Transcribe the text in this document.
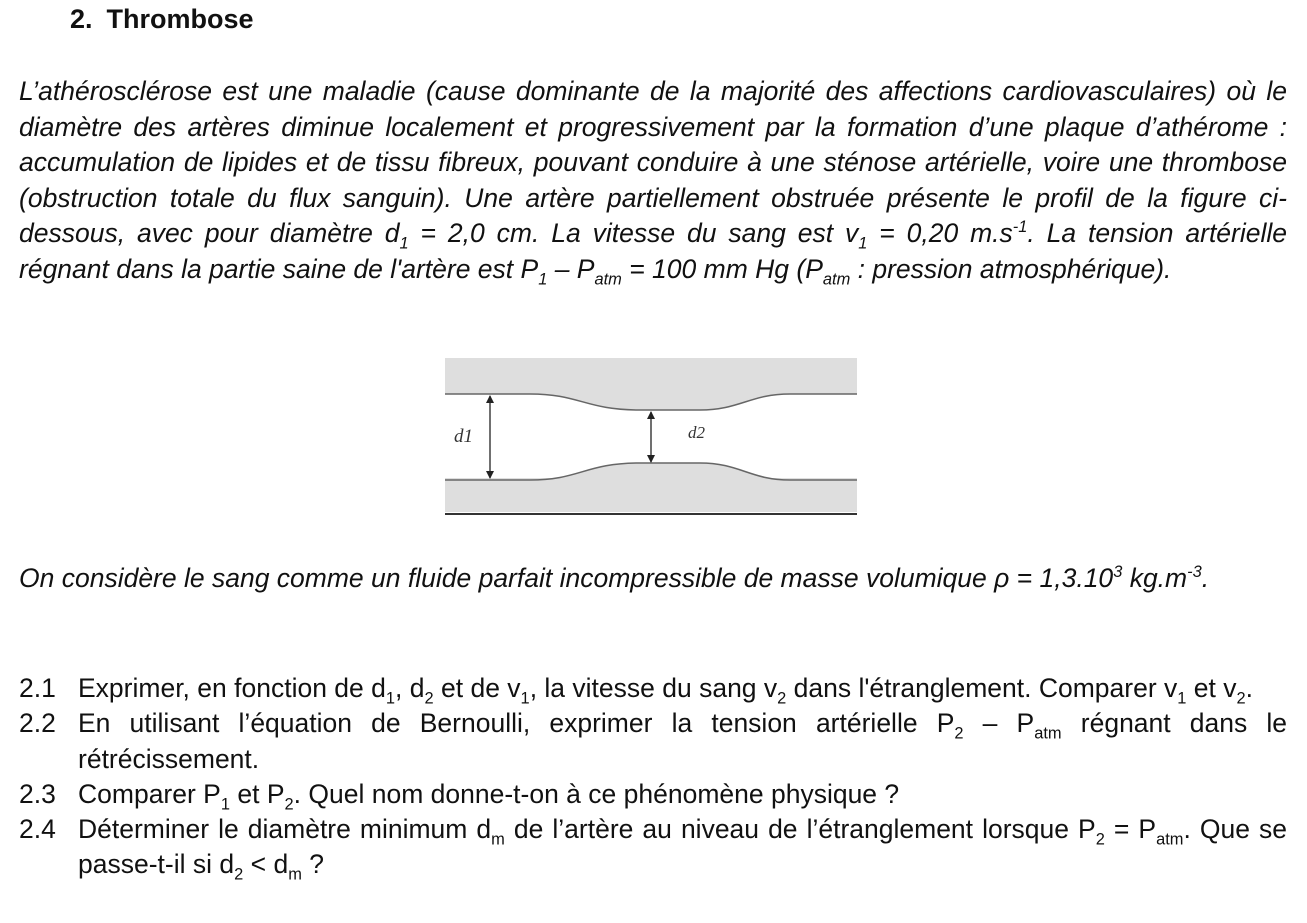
2. Thrombose

L’athérosclérose est une maladie (cause dominante de la majorité des affections cardiovasculaires) où le diamètre des artères diminue localement et progressivement par la formation d’une plaque d’athérome : accumulation de lipides et de tissu fibreux, pouvant conduire à une sténose artérielle, voire une thrombose (obstruction totale du flux sanguin). Une artère partiellement obstruée présente le profil de la figure ci-dessous, avec pour diamètre $d_1 = 2,0$ cm. La vitesse du sang est $v_1 = 0,20$ $m.s^{-1}$. La tension artérielle régnant dans la partie saine de l'artère est $P_1 - P_{atm} = 100$ mm Hg ($P_{atm}$ : pression atmosphérique).

d1	d2

On considère le sang comme un fluide parfait incompressible de masse volumique $\rho = 1,3.10^3$ $kg.m^{-3}$.

2.1 Exprimer, en fonction de $d_1$, $d_2$ et de $v_1$, la vitesse du sang $v_2$ dans l'étranglement. Comparer $v_1$ et $v_2$.
2.2 En utilisant l’équation de Bernoulli, exprimer la tension artérielle $P_2 - P_{atm}$ régnant dans le rétrécissement.
2.3 Comparer $P_1$ et $P_2$. Quel nom donne-t-on à ce phénomène physique ?
2.4 Déterminer le diamètre minimum $d_m$ de l’artère au niveau de l’étranglement lorsque $P_2 = P_{atm}$. Que se passe-t-il si $d_2 < d_m$ ?
